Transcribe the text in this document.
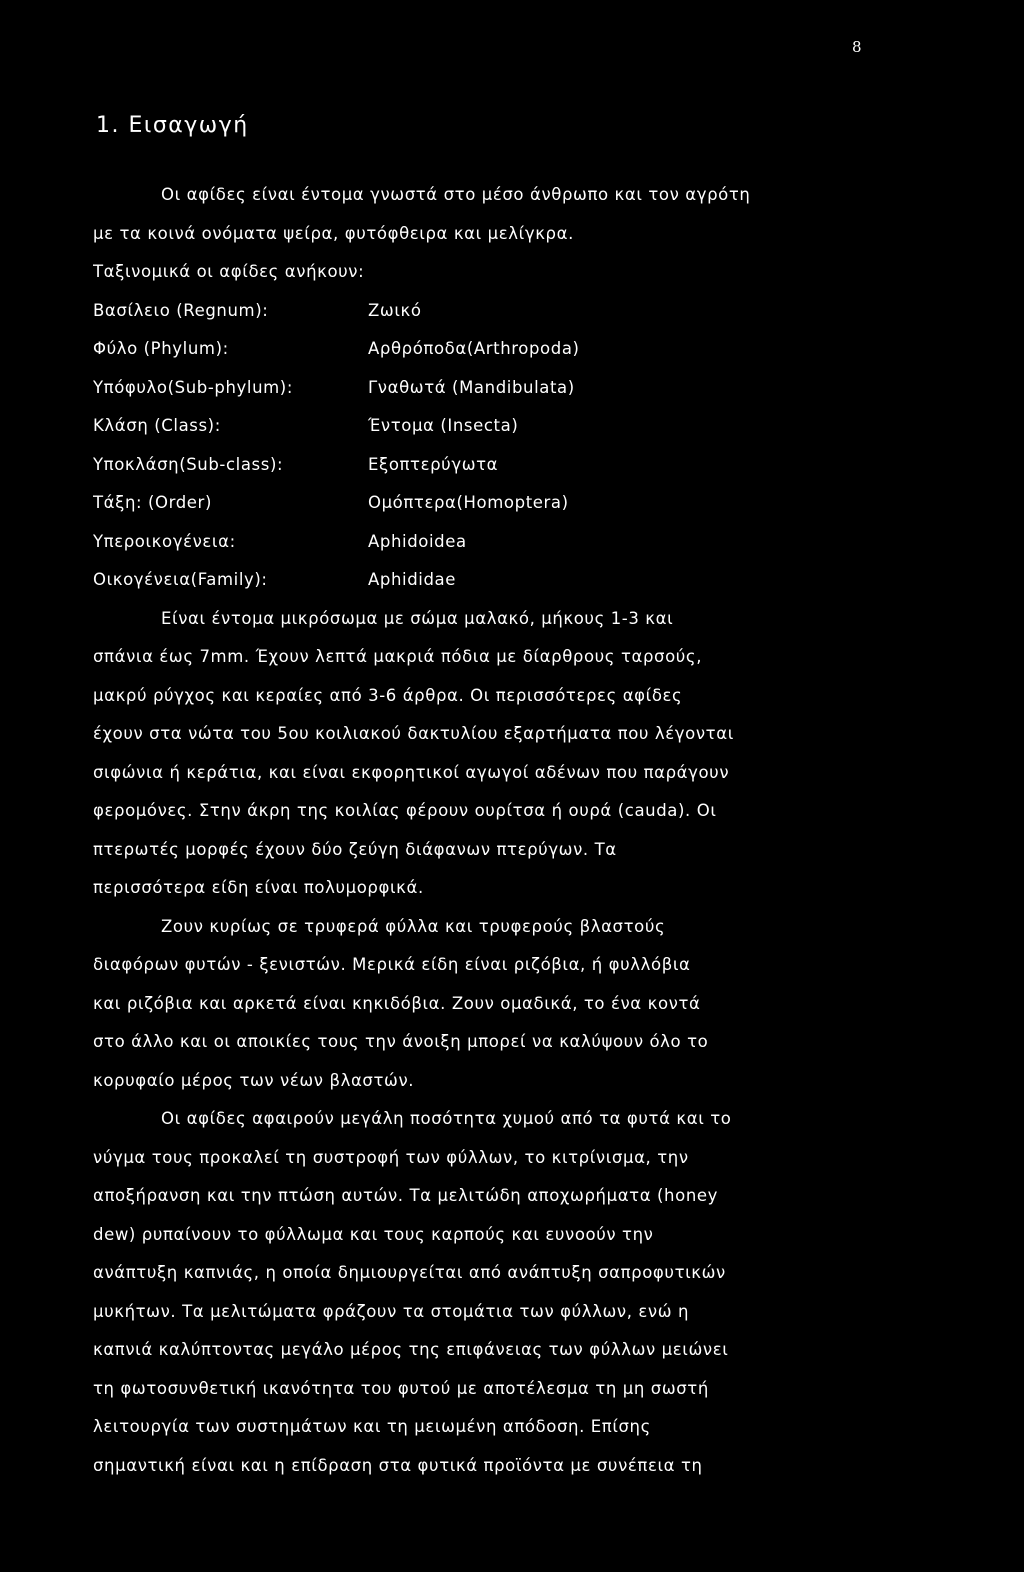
8
1. Εισαγωγή
Οι αφίδες είναι έντομα γνωστά στο μέσο άνθρωπο και τον αγρότη
με τα κοινά ονόματα ψείρα, φυτόφθειρα και μελίγκρα.
Ταξινομικά οι αφίδες ανήκουν:
Βασίλειο (Regnum):	Ζωικό
Φύλο (Phylum):	Αρθρόποδα(Arthropoda)
Υπόφυλο(Sub-phylum):	Γναθωτά (Mandibulata)
Κλάση (Class):	Έντομα (Insecta)
Υποκλάση(Sub-class):	Εξοπτερύγωτα
Τάξη: (Order)	Ομόπτερα(Homoptera)
Υπεροικογένεια:	Aphidoidea
Οικογένεια(Family):	Aphididae
Είναι έντομα μικρόσωμα με σώμα μαλακό, μήκους 1-3 και
σπάνια έως 7mm. Έχουν λεπτά μακριά πόδια με δίαρθρους ταρσούς,
μακρύ ρύγχος και κεραίες από 3-6 άρθρα. Οι περισσότερες αφίδες
έχουν στα νώτα του 5ου κοιλιακού δακτυλίου εξαρτήματα που λέγονται
σιφώνια ή κεράτια, και είναι εκφορητικοί αγωγοί αδένων που παράγουν
φερομόνες. Στην άκρη της κοιλίας φέρουν ουρίτσα ή ουρά (cauda). Οι
πτερωτές μορφές έχουν δύο ζεύγη διάφανων πτερύγων. Τα
περισσότερα είδη είναι πολυμορφικά.
Ζουν κυρίως σε τρυφερά φύλλα και τρυφερούς βλαστούς
διαφόρων φυτών - ξενιστών. Μερικά είδη είναι ριζόβια, ή φυλλόβια
και ριζόβια και αρκετά είναι κηκιδόβια. Ζουν ομαδικά, το ένα κοντά
στο άλλο και οι αποικίες τους την άνοιξη μπορεί να καλύψουν όλο το
κορυφαίο μέρος των νέων βλαστών.
Οι αφίδες αφαιρούν μεγάλη ποσότητα χυμού από τα φυτά και το
νύγμα τους προκαλεί τη συστροφή των φύλλων, το κιτρίνισμα, την
αποξήρανση και την πτώση αυτών. Τα μελιτώδη αποχωρήματα (honey
dew) ρυπαίνουν το φύλλωμα και τους καρπούς και ευνοούν την
ανάπτυξη καπνιάς, η οποία δημιουργείται από ανάπτυξη σαπροφυτικών
μυκήτων. Τα μελιτώματα φράζουν τα στομάτια των φύλλων, ενώ η
καπνιά καλύπτοντας μεγάλο μέρος της επιφάνειας των φύλλων μειώνει
τη φωτοσυνθετική ικανότητα του φυτού με αποτέλεσμα τη μη σωστή
λειτουργία των συστημάτων και τη μειωμένη απόδοση. Επίσης
σημαντική είναι και η επίδραση στα φυτικά προϊόντα με συνέπεια τη
